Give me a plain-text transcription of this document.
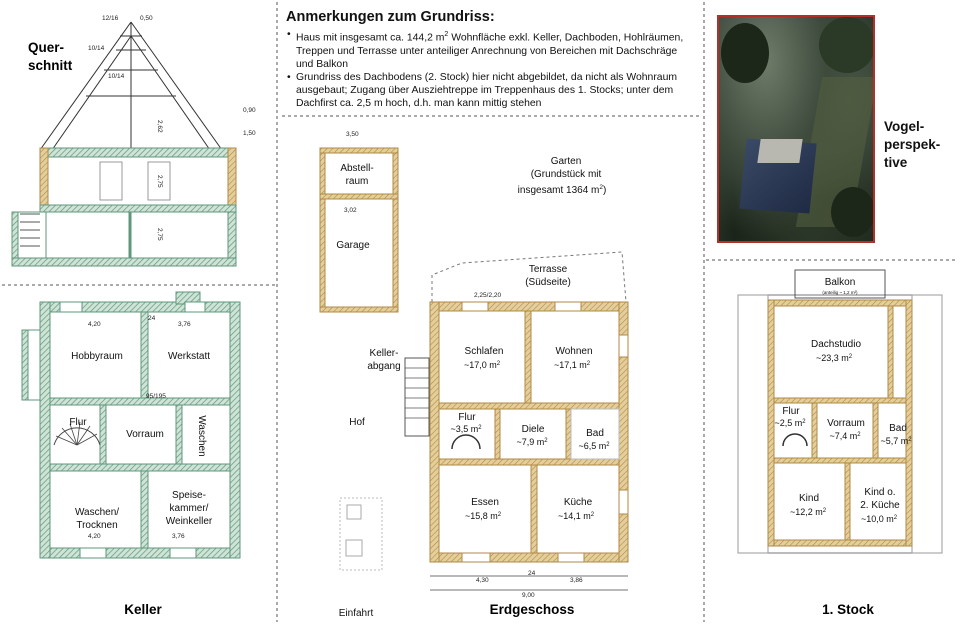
12/16	0,50
10/14
10/14
0,90
1,50
2,62
2,75
2,75
Quer-
schnitt
4,20	3,76
24
95/195
4,20	3,76
Hobbyraum	Werkstatt
Flur
Vorraum	Waschen
Waschen/
Trocknen
Speise-
kammer/
Weinkeller
Keller
3,50
3,02
2,25/2,20
4,30	3,86
9,00
24
Abstell-
raum
Garage
Garten
(Grundstück mit
insgesamt 1364 $m^2$)
Terrasse
(Südseite)
Keller-
abgang
Hof
Einfahrt
Schlafen
~17,0 $m^2$
Wohnen
~17,1 $m^2$
Flur
~3,5 $m^2$	Diele
~7,9 $m^2$
Bad
~6,5 $m^2$
Essen
~15,8 $m^2$
Küche
~14,1 $m^2$
Erdgeschoss
Balkon
(anteilig ~ 1,2 m²)
Dachstudio
~23,3 $m^2$
Flur
~2,5 $m^2$ Vorraum
~7,4 $m^2$
Bad
~5,7 $m^2$
Kind
~12,2 $m^2$
Kind o.
2. Küche
~10,0 $m^2$
1. Stock
Anmerkungen zum Grundriss:
• Haus mit insgesamt ca. 144,2 $m^2$ Wohnfläche exkl. Keller, Dachboden, Hohlräumen, Treppen und Terrasse unter anteiliger Anrechnung von Bereichen mit Dachschräge und Balkon
• Grundriss des Dachbodens (2. Stock) hier nicht abgebildet, da nicht als Wohnraum ausgebaut; Zugang über Ausziehtreppe im Treppenhaus des 1. Stocks; unter dem Dachfirst ca. 2,5 m hoch, d.h. man kann mittig stehen
Vogel-
perspek-
tive
